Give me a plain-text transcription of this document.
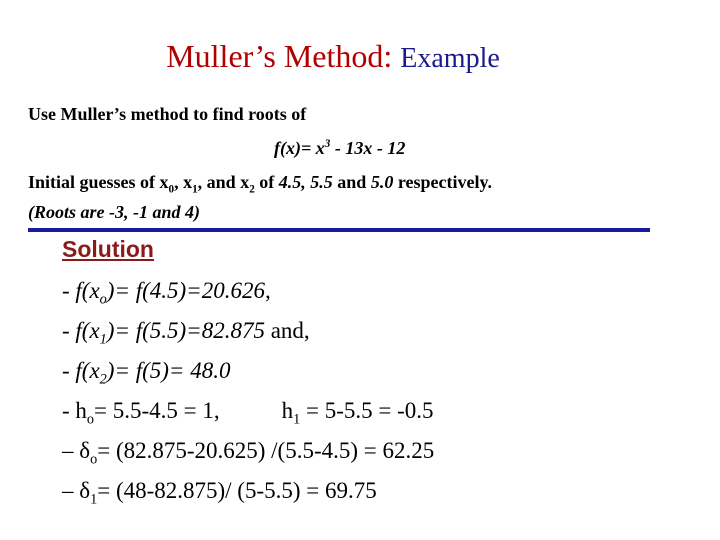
Muller’s Method: Example
Use Muller’s method to find roots of
$f(x)= x^3 - 13x - 12$
Initial guesses of $x_0$, $x_1$, and $x_2$ of 4.5, 5.5 and 5.0 respectively.
(Roots are -3, -1 and 4)
Solution
- $f(x_o)= f(4.5)=20.626$,
- $f(x_1)= f(5.5)=82.875$ and,
- $f(x_2)= f(5)= 48.0$
- $h_o= 5.5-4.5 = 1$,	$h_1 = 5-5.5 = -0.5$
– $\delta_o= (82.875-20.625) /(5.5-4.5) = 62.25$
– $\delta_1= (48-82.875)/$ (5-5.5) = 69.75
